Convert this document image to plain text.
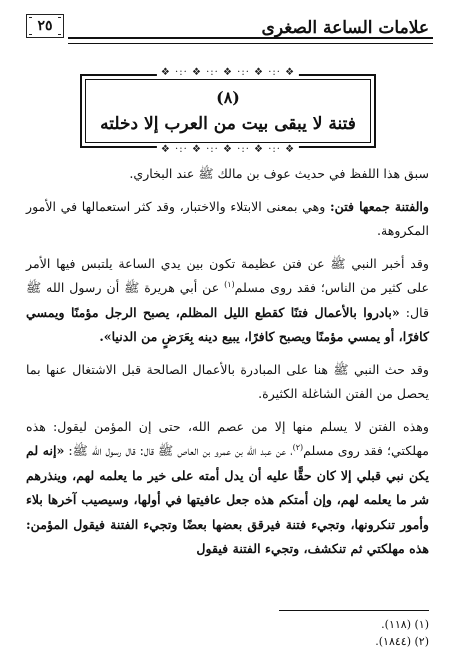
٢٥	علامات الساعة الصغرى
❖ ·:· ❖ ·:· ❖ ·:· ❖ ·:· ❖
(٨)
فتنة لا يبقى بيت من العرب إلا دخلته
❖ ·:· ❖ ·:· ❖ ·:· ❖ ·:· ❖

سبق هذا اللفظ في حديث عوف بن مالك ﷺ عند البخاري.

والفتنة جمعها فتن: وهي بمعنى الابتلاء والاختبار، وقد كثر استعمالها في الأمور المكروهة.

وقد أخبر النبي ﷺ عن فتن عظيمة تكون بين يدي الساعة يلتبس فيها الأمر على كثير من الناس؛ فقد روى مسلم$^{(١)}$ عن أبي هريرة ﷺ أن رسول الله ﷺ قال: «بادروا بالأعمال فتنًا كقطع الليل المظلم، يصبح الرجل مؤمنًا ويمسي كافرًا، أو يمسي مؤمنًا ويصبح كافرًا، يبيع دينه بِعَرَضٍ من الدنيا».

وقد حث النبي ﷺ هنا على المبادرة بالأعمال الصالحة قبل الاشتغال عنها بما يحصل من الفتن الشاغلة الكثيرة.

وهذه الفتن لا يسلم منها إلا من عصم الله، حتى إن المؤمن ليقول: هذه مهلكتي؛ فقد روى مسلم$^{(٢)}$، عن عبد الله بن عمرو بن العاص ﷺ قال: قال رسول الله ﷺ: «إنه لم يكن نبي قبلي إلا كان حقًّا عليه أن يدل أمته على خير ما يعلمه لهم، وينذرهم شر ما يعلمه لهم، وإن أمتكم هذه جعل عافيتها في أولها، وسيصيب آخرها بلاء وأمور تنكرونها، وتجيء فتنة فيرقق بعضها بعضًا وتجيء الفتنة فيقول المؤمن: هذه مهلكتي ثم تنكشف، وتجيء الفتنة فيقول

(١) (١١٨).
(٢) (١٨٤٤).
